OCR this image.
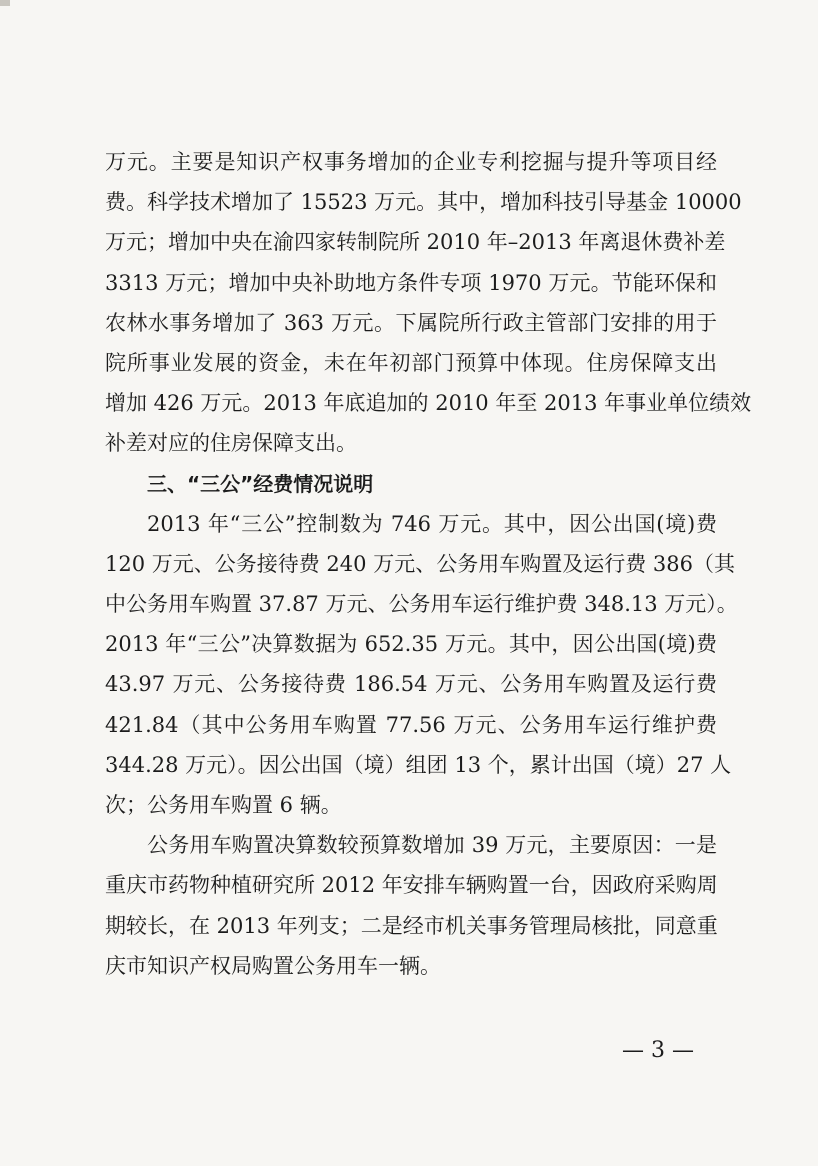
万元。主要是知识产权事务增加的企业专利挖掘与提升等项目经
费。科学技术增加了 15523 万元。其中，增加科技引导基金 10000
万元；增加中央在渝四家转制院所 2010 年–2013 年离退休费补差
3313 万元；增加中央补助地方条件专项 1970 万元。节能环保和
农林水事务增加了 363 万元。下属院所行政主管部门安排的用于
院所事业发展的资金，未在年初部门预算中体现。住房保障支出
增加 426 万元。2013 年底追加的 2010 年至 2013 年事业单位绩效
补差对应的住房保障支出。
三、“三公”经费情况说明
2013 年“三公”控制数为 746 万元。其中，因公出国(境)费
120 万元、公务接待费 240 万元、公务用车购置及运行费 386（其
中公务用车购置 37.87 万元、公务用车运行维护费 348.13 万元）。
2013 年“三公”决算数据为 652.35 万元。其中，因公出国(境)费
43.97 万元、公务接待费 186.54 万元、公务用车购置及运行费
421.84（其中公务用车购置 77.56 万元、公务用车运行维护费
344.28 万元）。因公出国（境）组团 13 个，累计出国（境）27 人
次；公务用车购置 6 辆。
公务用车购置决算数较预算数增加 39 万元，主要原因：一是
重庆市药物种植研究所 2012 年安排车辆购置一台，因政府采购周
期较长，在 2013 年列支；二是经市机关事务管理局核批，同意重
庆市知识产权局购置公务用车一辆。
— 3 —
